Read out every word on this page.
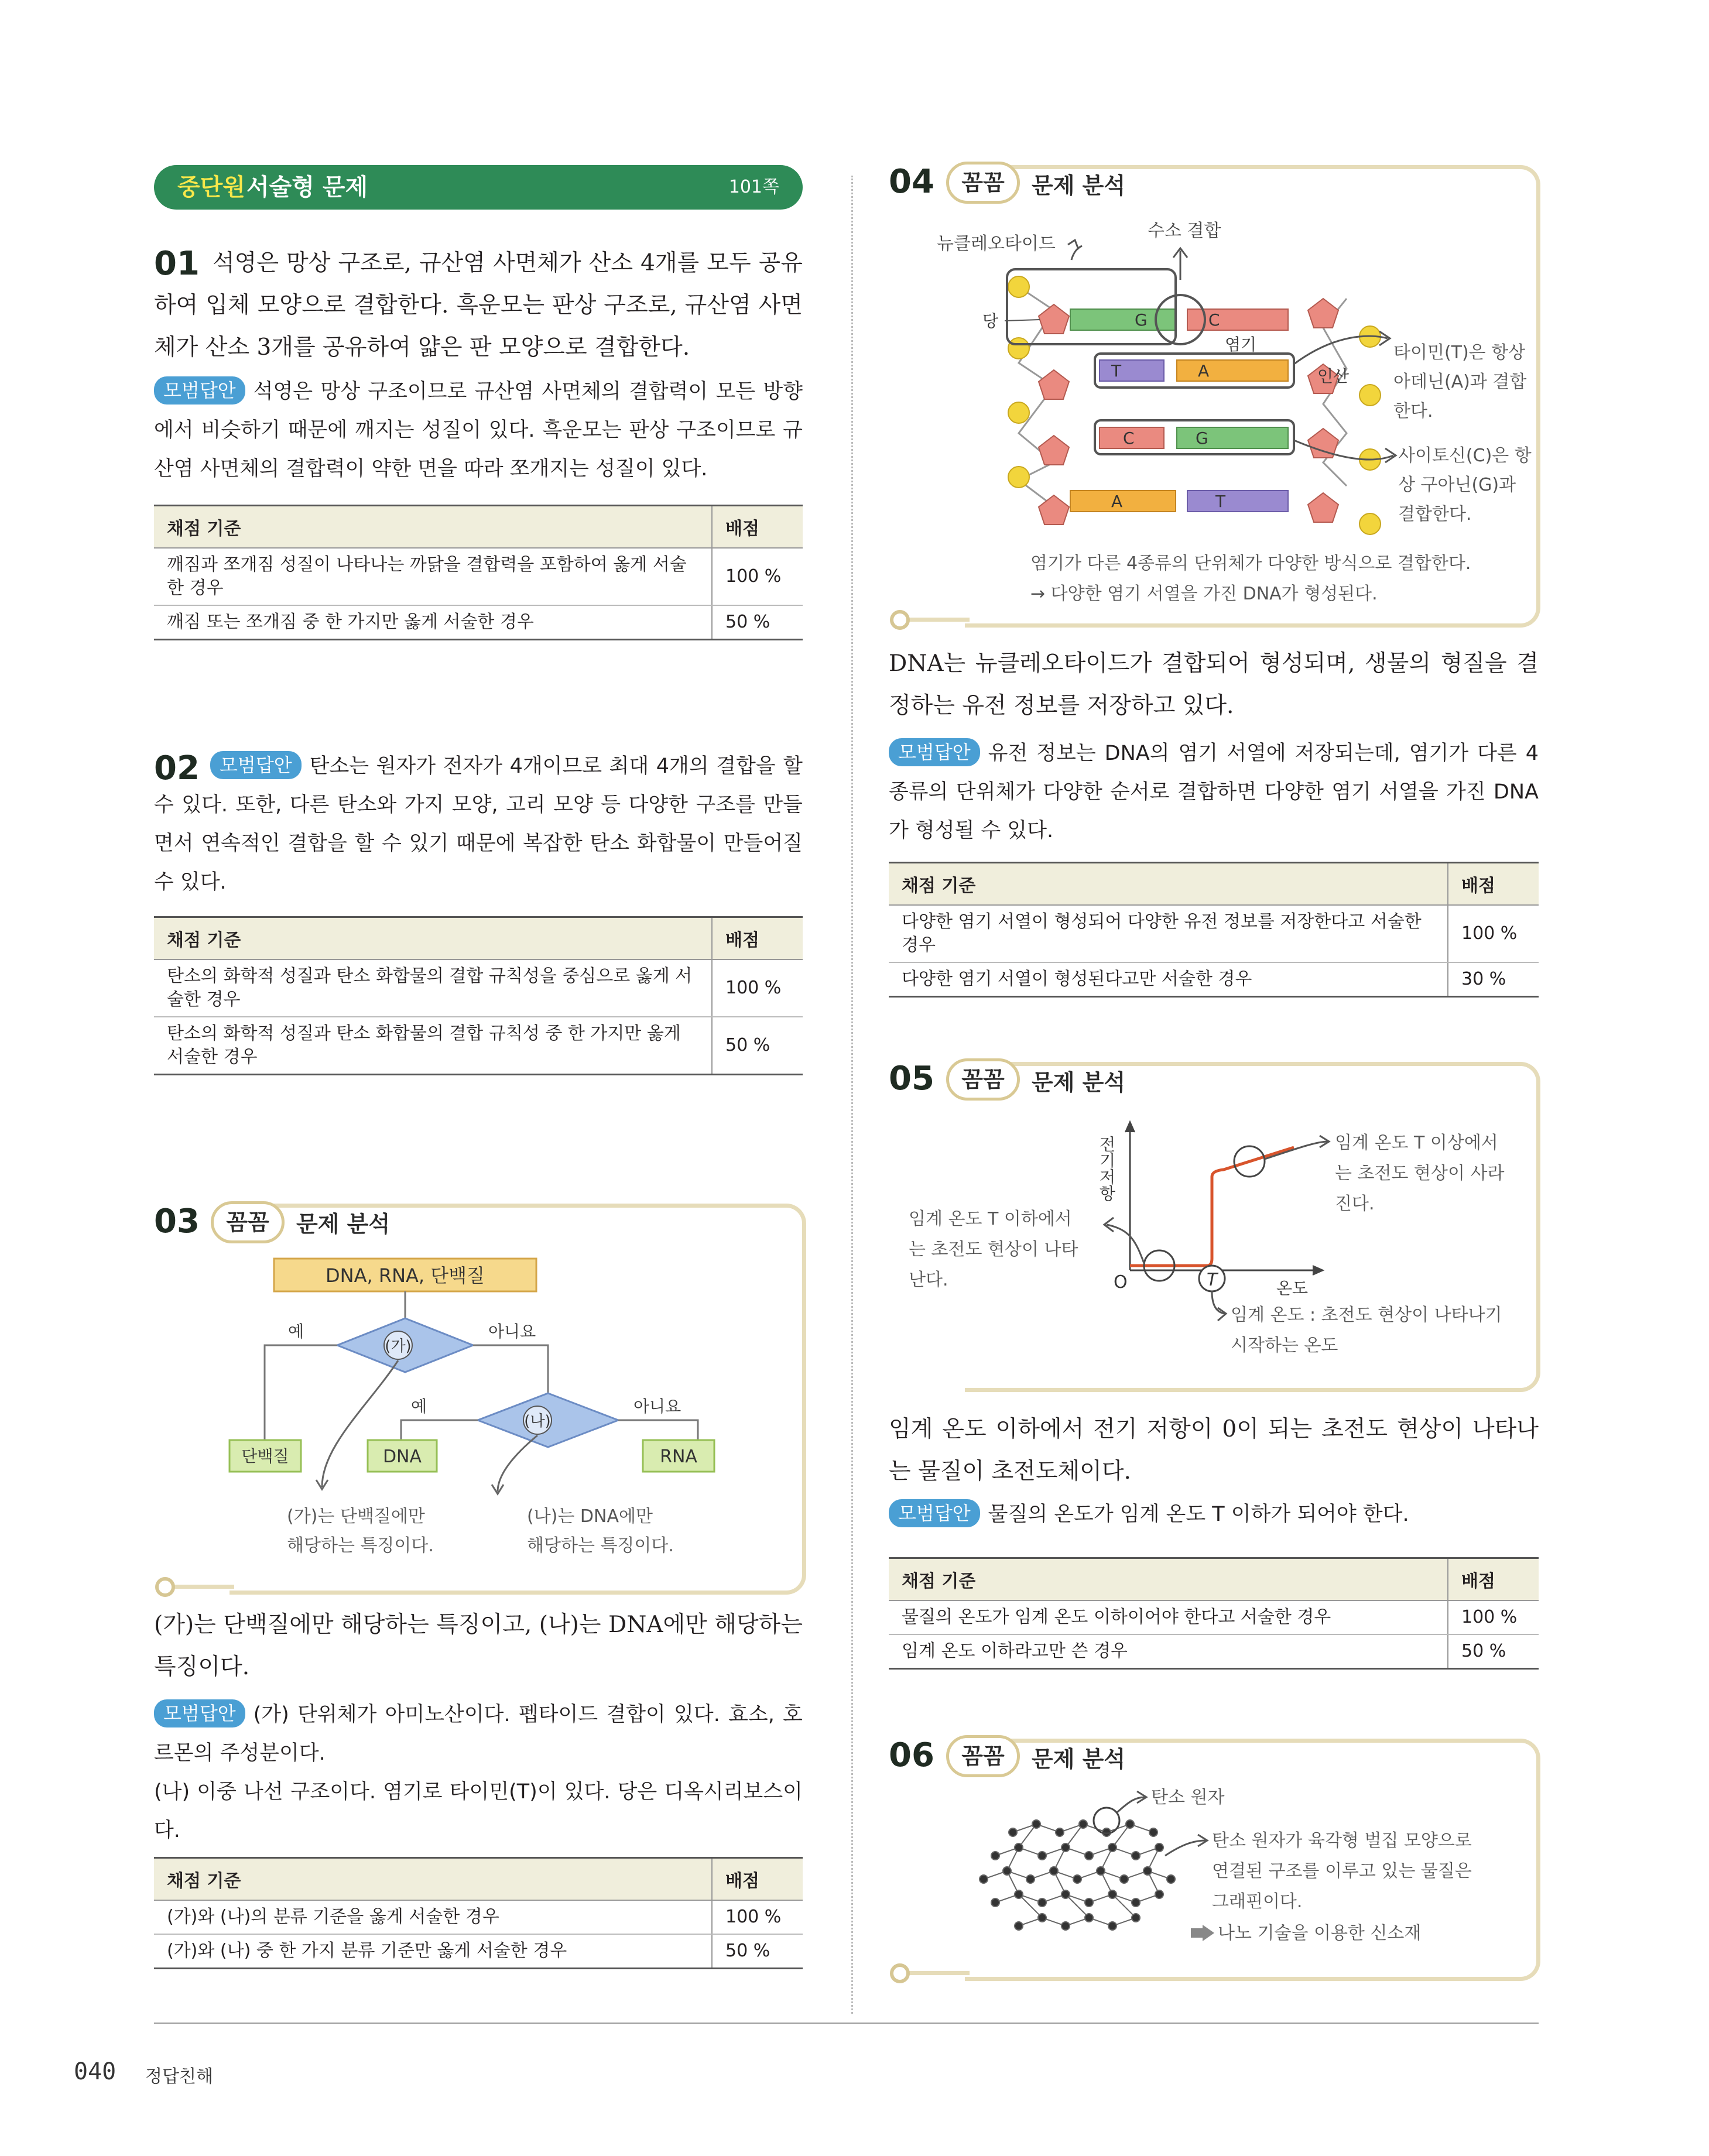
중단원 서술형 문제	101쪽
01 석영은 망상 구조로, 규산염 사면체가 산소 4개를 모두 공유하여 입체 모양으로 결합한다. 흑운모는 판상 구조로, 규산염 사면체가 산소 3개를 공유하여 얇은 판 모양으로 결합한다.
모범답안 석영은 망상 구조이므로 규산염 사면체의 결합력이 모든 방향에서 비슷하기 때문에 깨지는 성질이 있다. 흑운모는 판상 구조이므로 규산염 사면체의 결합력이 약한 면을 따라 쪼개지는 성질이 있다.
채점 기준	배점
깨짐과 쪼개짐 성질이 나타나는 까닭을 결합력을 포함하여 옳게 서술한 경우	100 %
깨짐 또는 쪼개짐 중 한 가지만 옳게 서술한 경우	50 %
02	모범답안 탄소는 원자가 전자가 4개이므로 최대 4개의 결합을 할 수 있다. 또한, 다른 탄소와 가지 모양, 고리 모양 등 다양한 구조를 만들면서 연속적인 결합을 할 수 있기 때문에 복잡한 탄소 화합물이 만들어질 수 있다.
채점 기준	배점
탄소의 화학적 성질과 탄소 화합물의 결합 규칙성을 중심으로 옳게 서술한 경우	100 %
탄소의 화학적 성질과 탄소 화합물의 결합 규칙성 중 한 가지만 옳게 서술한 경우	50 %
03	꼼꼼	문제 분석
DNA, RNA, 단백질
(가)
예	아니요
(나)
예	아니요
단백질	DNA	RNA
(가)는 단백질에만
해당하는 특징이다.
(나)는 DNA에만
해당하는 특징이다.
(가)는 단백질에만 해당하는 특징이고, (나)는 DNA에만 해당하는 특징이다.
모범답안 (가) 단위체가 아미노산이다. 펩타이드 결합이 있다. 효소, 호르몬의 주성분이다.
(나) 이중 나선 구조이다. 염기로 타이민(T)이 있다. 당은 디옥시리보스이다.
채점 기준	배점
(가)와 (나)의 분류 기준을 옳게 서술한 경우	100 %
(가)와 (나) 중 한 가지 분류 기준만 옳게 서술한 경우	50 %
04	꼼꼼	문제 분석
뉴클레오타이드
수소 결합
G	C
T	A
C	G
A	T
당
염기
인산
타이민(T)은 항상
아데닌(A)과 결합
한다.
사이토신(C)은 항
상 구아닌(G)과
결합한다.
염기가 다른 4종류의 단위체가 다양한 방식으로 결합한다.
→ 다양한 염기 서열을 가진 DNA가 형성된다.
DNA는 뉴클레오타이드가 결합되어 형성되며, 생물의 형질을 결정하는 유전 정보를 저장하고 있다.
모범답안 유전 정보는 DNA의 염기 서열에 저장되는데, 염기가 다른 4종류의 단위체가 다양한 순서로 결합하면 다양한 염기 서열을 가진 DNA가 형성될 수 있다.
채점 기준	배점
다양한 염기 서열이 형성되어 다양한 유전 정보를 저장한다고 서술한 경우	100 %
다양한 염기 서열이 형성된다고만 서술한 경우	30 %
05	꼼꼼	문제 분석
전기저항
O	온도
T
임계 온도 T 이상에서
는 초전도 현상이 사라
진다.
임계 온도 T 이하에서
는 초전도 현상이 나타
난다.
임계 온도 : 초전도 현상이 나타나기
시작하는 온도
임계 온도 이하에서 전기 저항이 0이 되는 초전도 현상이 나타나는 물질이 초전도체이다.
모범답안 물질의 온도가 임계 온도 T 이하가 되어야 한다.
채점 기준	배점
물질의 온도가 임계 온도 이하이어야 한다고 서술한 경우	100 %
임계 온도 이하라고만 쓴 경우	50 %
06	꼼꼼	문제 분석
탄소 원자
탄소 원자가 육각형 벌집 모양으로
연결된 구조를 이루고 있는 물질은
그래핀이다.
나노 기술을 이용한 신소재
040 정답친해
